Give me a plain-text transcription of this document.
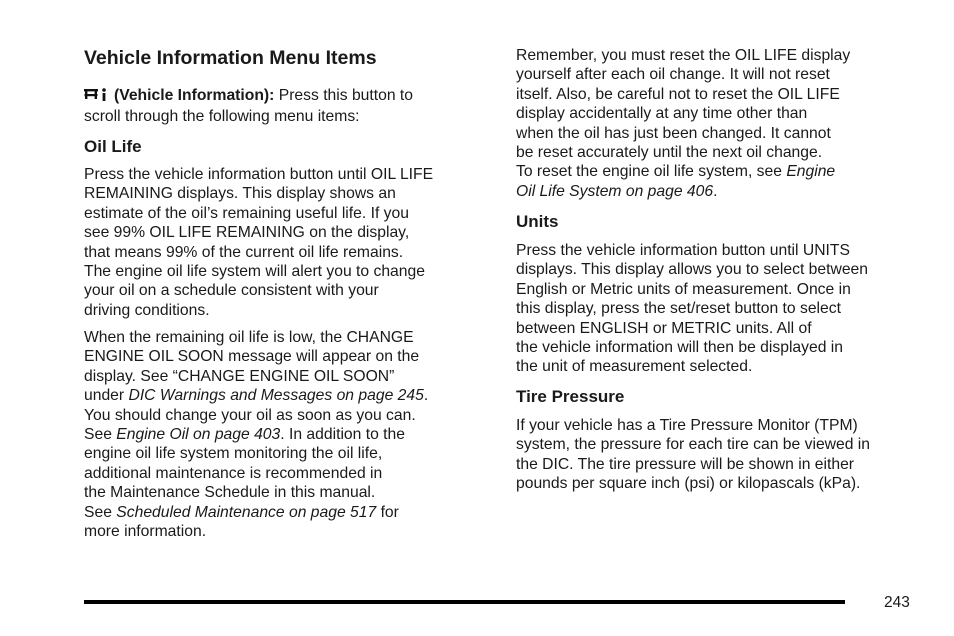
Vehicle Information Menu Items
(Vehicle Information): Press this button to
scroll through the following menu items:
Oil Life
Press the vehicle information button until OIL LIFE
REMAINING displays. This display shows an
estimate of the oil’s remaining useful life. If you
see 99% OIL LIFE REMAINING on the display,
that means 99% of the current oil life remains.
The engine oil life system will alert you to change
your oil on a schedule consistent with your
driving conditions.
When the remaining oil life is low, the CHANGE
ENGINE OIL SOON message will appear on the
display. See “CHANGE ENGINE OIL SOON”
under DIC Warnings and Messages on page 245.
You should change your oil as soon as you can.
See Engine Oil on page 403. In addition to the
engine oil life system monitoring the oil life,
additional maintenance is recommended in
the Maintenance Schedule in this manual.
See Scheduled Maintenance on page 517 for
more information.
Remember, you must reset the OIL LIFE display
yourself after each oil change. It will not reset
itself. Also, be careful not to reset the OIL LIFE
display accidentally at any time other than
when the oil has just been changed. It cannot
be reset accurately until the next oil change.
To reset the engine oil life system, see Engine
Oil Life System on page 406.
Units
Press the vehicle information button until UNITS
displays. This display allows you to select between
English or Metric units of measurement. Once in
this display, press the set/reset button to select
between ENGLISH or METRIC units. All of
the vehicle information will then be displayed in
the unit of measurement selected.
Tire Pressure
If your vehicle has a Tire Pressure Monitor (TPM)
system, the pressure for each tire can be viewed in
the DIC. The tire pressure will be shown in either
pounds per square inch (psi) or kilopascals (kPa).
243
